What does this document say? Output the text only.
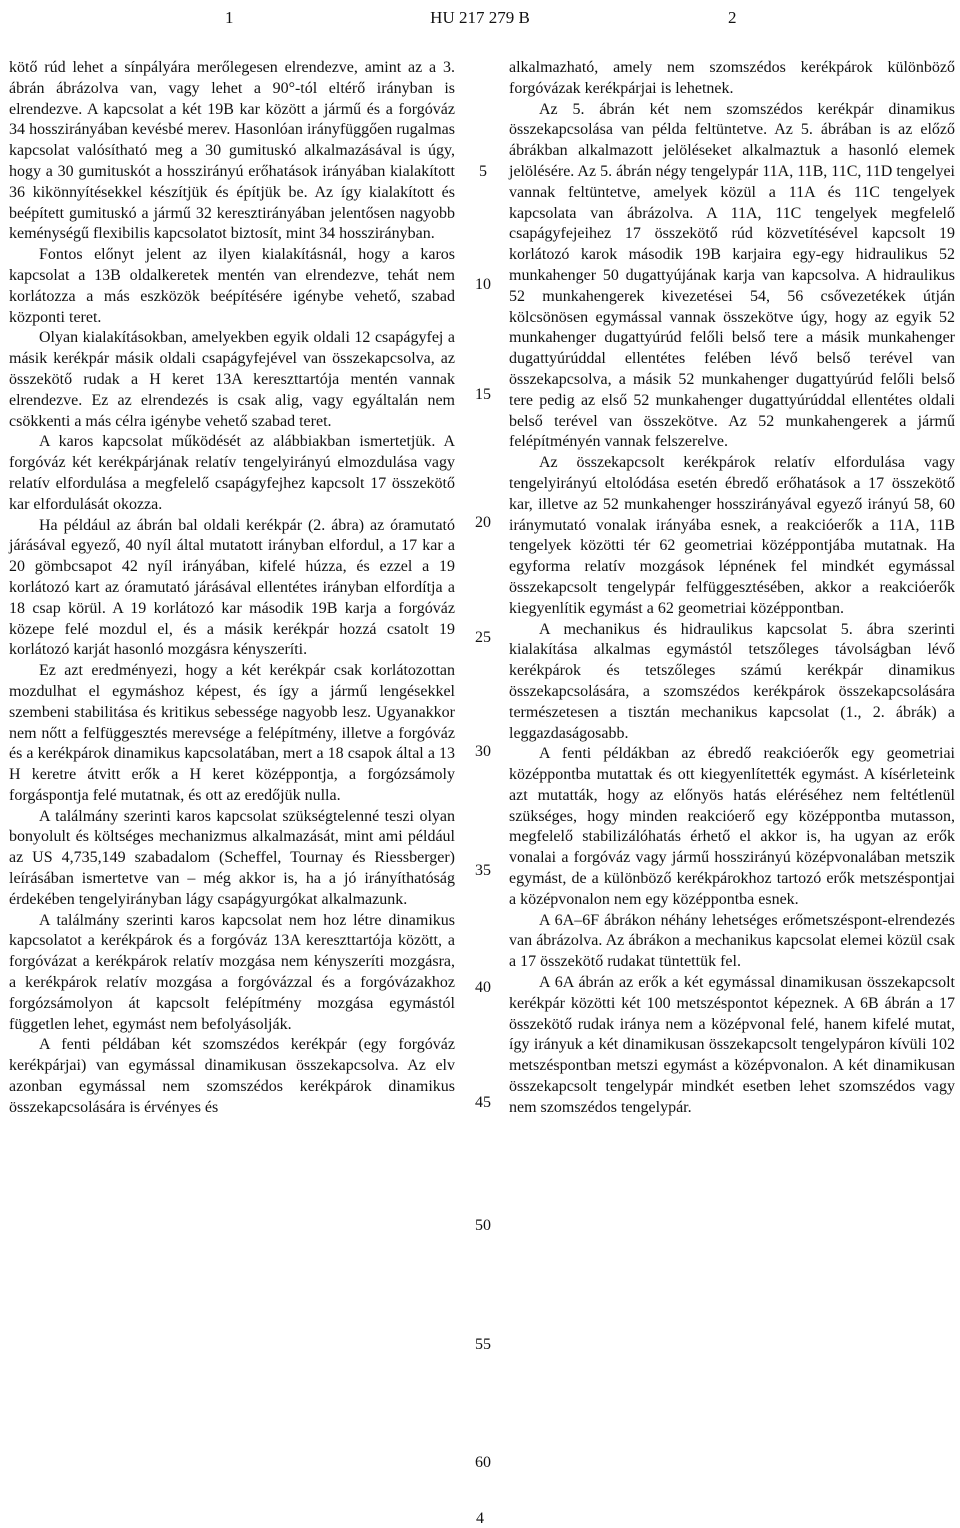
1	HU 217 279 B	2

kötő rúd lehet a sínpályára merőlegesen elrendezve, amint az a 3. ábrán ábrázolva van, vagy lehet a 90°-tól eltérő irányban is elrendezve. A kapcsolat a két 19B kar között a jármű és a forgóváz 34 hosszirányában kevésbé merev. Hasonlóan irányfüggően rugalmas kapcsolat valósítható meg a 30 gumituskó alkalmazásával is úgy, hogy a 30 gumituskót a hosszirányú erőhatások irányában kialakított 36 kikönnyítésekkel készítjük és építjük be. Az így kialakított és beépített gumituskó a jármű 32 keresztirányában jelentősen nagyobb keménységű flexibilis kapcsolatot biztosít, mint 34 hosszirányban.

Fontos előnyt jelent az ilyen kialakításnál, hogy a karos kapcsolat a 13B oldalkeretek mentén van elrendezve, tehát nem korlátozza a más eszközök beépítésére igénybe vehető, szabad központi teret.

Olyan kialakításokban, amelyekben egyik oldali 12 csapágyfej a másik kerékpár másik oldali csapágyfejével van összekapcsolva, az összekötő rudak a H keret 13A kereszttartója mentén vannak elrendezve. Ez az elrendezés is csak alig, vagy egyáltalán nem csökkenti a más célra igénybe vehető szabad teret.

A karos kapcsolat működését az alábbiakban ismertetjük. A forgóváz két kerékpárjának relatív tengelyirányú elmozdulása vagy relatív elfordulása a megfelelő csapágyfejhez kapcsolt 17 összekötő kar elfordulását okozza.

Ha például az ábrán bal oldali kerékpár (2. ábra) az óramutató járásával egyező, 40 nyíl által mutatott irányban elfordul, a 17 kar a 20 gömbcsapot 42 nyíl irányában, kifelé húzza, és ezzel a 19 korlátozó kart az óramutató járásával ellentétes irányban elfordítja a 18 csap körül. A 19 korlátozó kar második 19B karja a forgóváz közepe felé mozdul el, és a másik kerékpár hozzá csatolt 19 korlátozó karját hasonló mozgásra kényszeríti.

Ez azt eredményezi, hogy a két kerékpár csak korlátozottan mozdulhat el egymáshoz képest, és így a jármű lengésekkel szembeni stabilitása és kritikus sebessége nagyobb lesz. Ugyanakkor nem nőtt a felfüggesztés merevsége a felépítmény, illetve a forgóváz és a kerékpárok dinamikus kapcsolatában, mert a 18 csapok által a 13 H keretre átvitt erők a H keret középpontja, a forgózsámoly forgáspontja felé mutatnak, és ott az eredőjük nulla.

A találmány szerinti karos kapcsolat szükségtelenné teszi olyan bonyolult és költséges mechanizmus alkalmazását, mint ami például az US 4,735,149 szabadalom (Scheffel, Tournay és Riessberger) leírásában ismertetve van – még akkor is, ha a jó irányíthatóság érdekében tengelyirányban lágy csapágyurgókat alkalmazunk.

A találmány szerinti karos kapcsolat nem hoz létre dinamikus kapcsolatot a kerékpárok és a forgóváz 13A kereszttartója között, a forgóvázat a kerékpárok relatív mozgása nem kényszeríti mozgásra, a kerékpárok relatív mozgása a forgóvázzal és a forgóvázakhoz forgózsámolyon át kapcsolt felépítmény mozgása egymástól független lehet, egymást nem befolyásolják.

A fenti példában két szomszédos kerékpár (egy forgóváz kerékpárjai) van egymással dinamikusan összekapcsolva. Az elv azonban egymással nem szomszédos kerékpárok dinamikus összekapcsolására is érvényes és

alkalmazható, amely nem szomszédos kerékpárok különböző forgóvázak kerékpárjai is lehetnek.

Az 5. ábrán két nem szomszédos kerékpár dinamikus összekapcsolása van példa feltüntetve. Az 5. ábrában is az előző ábrákban alkalmazott jelöléseket alkalmaztuk a hasonló elemek jelölésére. Az 5. ábrán négy tengelypár 11A, 11B, 11C, 11D tengelyei vannak feltüntetve, amelyek közül a 11A és 11C tengelyek kapcsolata van ábrázolva. A 11A, 11C tengelyek megfelelő csapágyfejeihez 17 összekötő rúd közvetítésével kapcsolt 19 korlátozó karok második 19B karjaira egy-egy hidraulikus 52 munkahenger 50 dugattyújának karja van kapcsolva. A hidraulikus 52 munkahengerek kivezetései 54, 56 csővezetékek útján kölcsönösen egymással vannak összekötve úgy, hogy az egyik 52 munkahenger dugattyúrúd felőli belső tere a másik munkahenger dugattyúrúddal ellentétes felében lévő belső terével van összekapcsolva, a másik 52 munkahenger dugattyúrúd felőli belső tere pedig az első 52 munkahenger dugattyúrúddal ellentétes oldali belső terével van összekötve. Az 52 munkahengerek a jármű felépítményén vannak felszerelve.

Az összekapcsolt kerékpárok relatív elfordulása vagy tengelyirányú eltolódása esetén ébredő erőhatások a 17 összekötő kar, illetve az 52 munkahenger hosszirányával egyező irányú 58, 60 iránymutató vonalak irányába esnek, a reakcióerők a 11A, 11B tengelyek közötti tér 62 geometriai középpontjába mutatnak. Ha egyforma relatív mozgások lépnének fel mindkét egymással összekapcsolt tengelypár felfüggesztésében, akkor a reakcióerők kiegyenlítik egymást a 62 geometriai középpontban.

A mechanikus és hidraulikus kapcsolat 5. ábra szerinti kialakítása alkalmas egymástól tetszőleges távolságban lévő kerékpárok és tetszőleges számú kerékpár dinamikus összekapcsolására, a szomszédos kerékpárok összekapcsolására természetesen a tisztán mechanikus kapcsolat (1., 2. ábrák) a leggazdaságosabb.

A fenti példákban az ébredő reakcióerők egy geometriai középpontba mutattak és ott kiegyenlítették egymást. A kísérleteink azt mutatták, hogy az előnyös hatás eléréséhez nem feltétlenül szükséges, hogy minden reakcióerő egy középpontba mutasson, megfelelő stabilizálóhatás érhető el akkor is, ha ugyan az erők vonalai a forgóváz vagy jármű hosszirányú középvonalában metszik egymást, de a különböző kerékpárokhoz tartozó erők metszéspontjai a középvonalon nem egy középpontba esnek.

A 6A–6F ábrákon néhány lehetséges erőmetszéspont-elrendezés van ábrázolva. Az ábrákon a mechanikus kapcsolat elemei közül csak a 17 összekötő rudakat tüntettük fel.

A 6A ábrán az erők a két egymással dinamikusan összekapcsolt kerékpár közötti két 100 metszéspontot képeznek. A 6B ábrán a 17 összekötő rudak iránya nem a középvonal felé, hanem kifelé mutat, így irányuk a két dinamikusan összekapcsolt tengelypáron kívüli 102 metszéspontban metszi egymást a középvonalon. A két dinamikusan összekapcsolt tengelypár mindkét esetben lehet szomszédos vagy nem szomszédos tengelypár.

5
10
15
20
25
30
35
40
45
50
55
60
4
